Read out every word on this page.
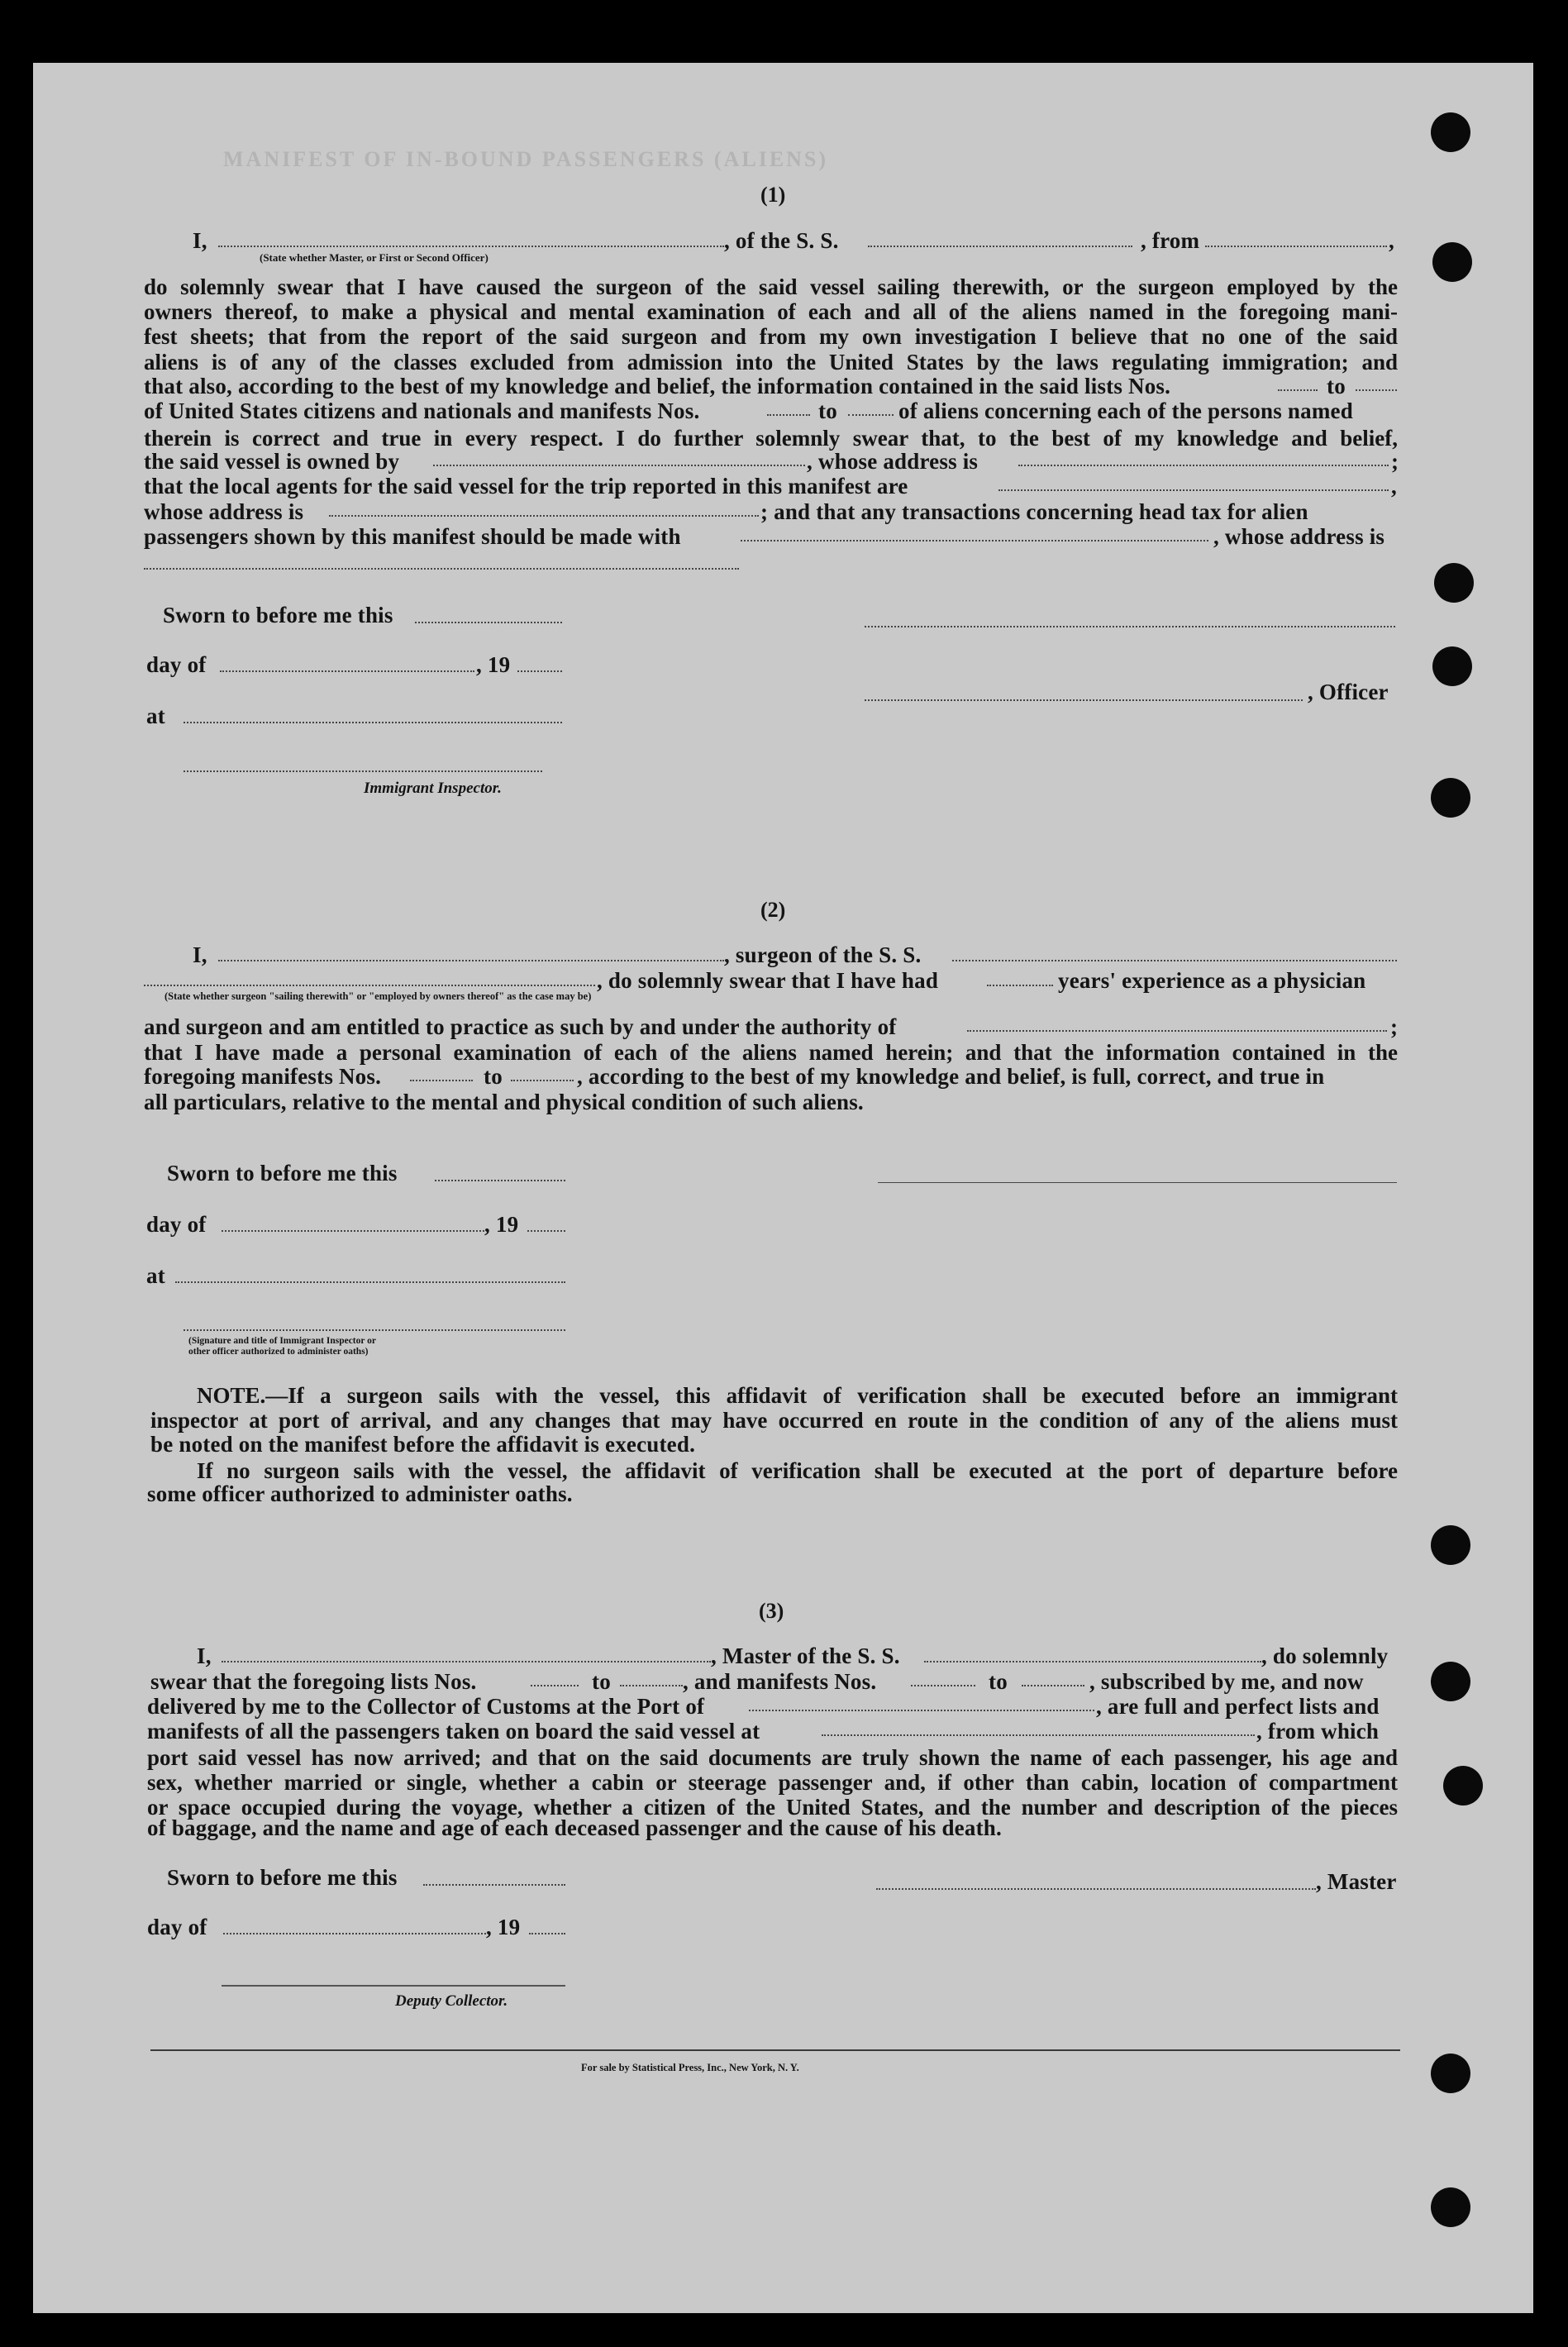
MANIFEST OF IN-BOUND PASSENGERS (ALIENS)
(1)
I,
(State whether Master, or First or Second Officer)
, of the S. S.	, from	,
do solemnly swear that I have caused the surgeon of the said vessel sailing therewith, or the surgeon employed by the
owners thereof, to make a physical and mental examination of each and all of the aliens named in the foregoing mani-
fest sheets; that from the report of the said surgeon and from my own investigation I believe that no one of the said
aliens is of any of the classes excluded from admission into the United States by the laws regulating immigration; and
that also, according to the best of my knowledge and belief, the information contained in the said lists Nos.	to
of United States citizens and nationals and manifests Nos.	to	of aliens concerning each of the persons named
therein is correct and true in every respect. I do further solemnly swear that, to the best of my knowledge and belief,
the said vessel is owned by	, whose address is	;
that the local agents for the said vessel for the trip reported in this manifest are	,
whose address is	; and that any transactions concerning head tax for alien
passengers shown by this manifest should be made with	, whose address is
Sworn to before me this
day of	, 19
, Officer
at
Immigrant Inspector.
(2)
I,	, surgeon of the S. S.
, do solemnly swear that I have had	years' experience as a physician
(State whether surgeon "sailing therewith" or "employed by owners thereof" as the case may be)
and surgeon and am entitled to practice as such by and under the authority of	;
that I have made a personal examination of each of the aliens named herein; and that the information contained in the
foregoing manifests Nos.	to	, according to the best of my knowledge and belief, is full, correct, and true in
all particulars, relative to the mental and physical condition of such aliens.
Sworn to before me this
day of	, 19
at
(Signature and title of Immigrant Inspector or
other officer authorized to administer oaths)
NOTE.—If a surgeon sails with the vessel, this affidavit of verification shall be executed before an immigrant
inspector at port of arrival, and any changes that may have occurred en route in the condition of any of the aliens must
be noted on the manifest before the affidavit is executed.
If no surgeon sails with the vessel, the affidavit of verification shall be executed at the port of departure before
some officer authorized to administer oaths.
(3)
I,	, Master of the S. S.	, do solemnly
swear that the foregoing lists Nos.	to	, and manifests Nos.	to	, subscribed by me, and now
delivered by me to the Collector of Customs at the Port of	, are full and perfect lists and
manifests of all the passengers taken on board the said vessel at	, from which
port said vessel has now arrived; and that on the said documents are truly shown the name of each passenger, his age and
sex, whether married or single, whether a cabin or steerage passenger and, if other than cabin, location of compartment
or space occupied during the voyage, whether a citizen of the United States, and the number and description of the pieces
of baggage, and the name and age of each deceased passenger and the cause of his death.
Sworn to before me this	, Master
day of	, 19
Deputy Collector.
For sale by Statistical Press, Inc., New York, N. Y.
